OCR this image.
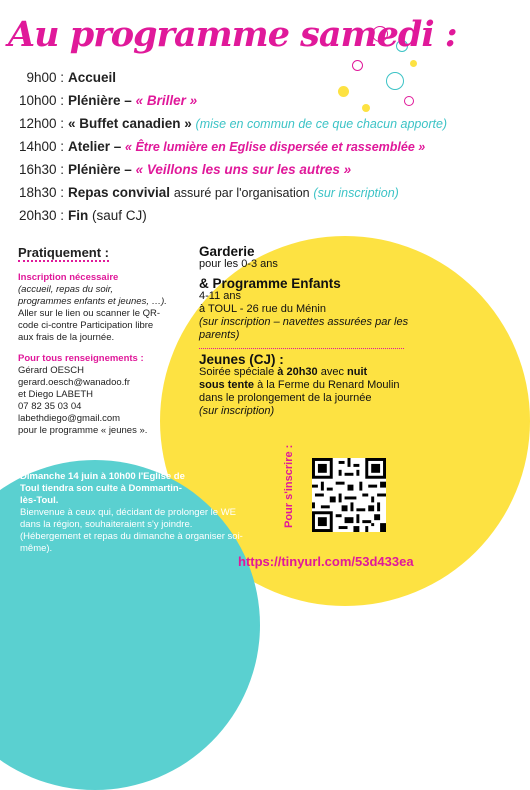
Au programme samedi :
9h00 : Accueil
10h00 : Plénière – « Briller »
12h00 : « Buffet canadien » (mise en commun de ce que chacun apporte)
14h00 : Atelier – « Être lumière en Eglise dispersée et rassemblée »
16h30 : Plénière – « Veillons les uns sur les autres »
18h30 : Repas convivial assuré par l'organisation (sur inscription)
20h30 : Fin (sauf CJ)
Pratiquement :
Inscription nécessaire
(accueil, repas du soir, programmes enfants et jeunes, …).
Aller sur le lien ou scanner le QR-code ci-contre Participation libre aux frais de la journée.
Pour tous renseignements :
Gérard OESCH
gerard.oesch@wanadoo.fr
et Diego LABETH
07 82 35 03 04
labethdiego@gmail.com
pour le programme « jeunes ».
Garderie
pour les 0-3 ans
& Programme Enfants
4-11 ans
à TOUL - 26 rue du Ménin
(sur inscription – navettes assurées par les parents)
Jeunes (CJ) :
Soirée spéciale à 20h30 avec nuit
sous tente à la Ferme du Renard Moulin
dans le prolongement de la journée
(sur inscription)
Pour s'inscrire :
https://tinyurl.com/53d433ea
Dimanche 14 juin à 10h00 l'Eglise de Toul tiendra son culte à Dommartin-lès-Toul.
Bienvenue à ceux qui, décidant de prolonger le WE dans la région, souhaiteraient s'y joindre. (Hébergement et repas du dimanche à organiser soi-même).
